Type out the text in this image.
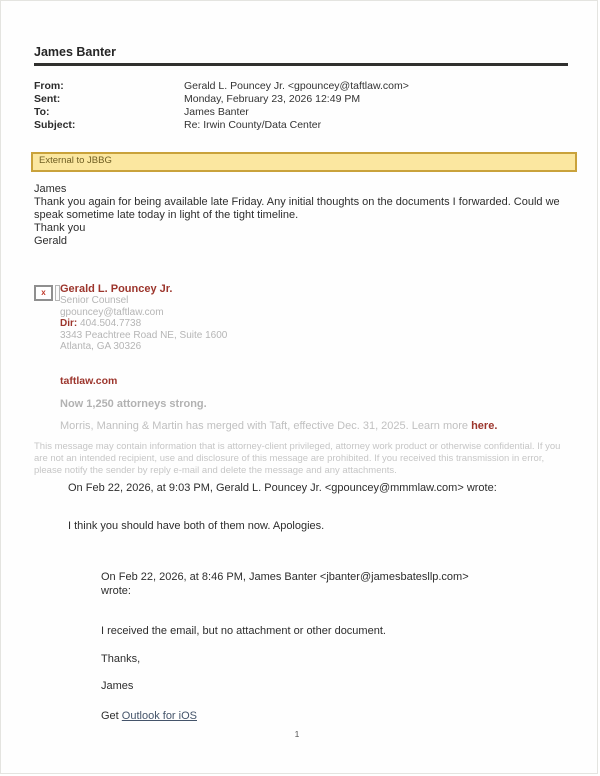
James Banter
From:	Gerald L. Pouncey Jr. <gpouncey@taftlaw.com>
Sent:	Monday, February 23, 2026 12:49 PM
To:	James Banter
Subject:	Re: Irwin County/Data Center
External to JBBG
James
Thank you again for being available late Friday. Any initial thoughts on the documents I forwarded. Could we speak sometime late today in light of the tight timeline.
Thank you
Gerald
x Gerald L. Pouncey Jr.
Senior Counsel
gpouncey@taftlaw.com
Dir: 404.504.7738
3343 Peachtree Road NE, Suite 1600
Atlanta, GA 30326
taftlaw.com
Now 1,250 attorneys strong.
Morris, Manning & Martin has merged with Taft, effective Dec. 31, 2025. Learn more here.
This message may contain information that is attorney-client privileged, attorney work product or otherwise confidential. If you are not an intended recipient, use and disclosure of this message are prohibited. If you received this transmission in error, please notify the sender by reply e-mail and delete the message and any attachments.
On Feb 22, 2026, at 9:03 PM, Gerald L. Pouncey Jr. <gpouncey@mmmlaw.com> wrote:
I think you should have both of them now. Apologies.
On Feb 22, 2026, at 8:46 PM, James Banter <jbanter@jamesbatesllp.com> wrote:
I received the email, but no attachment or other document.
Thanks,
James
Get Outlook for iOS
1
